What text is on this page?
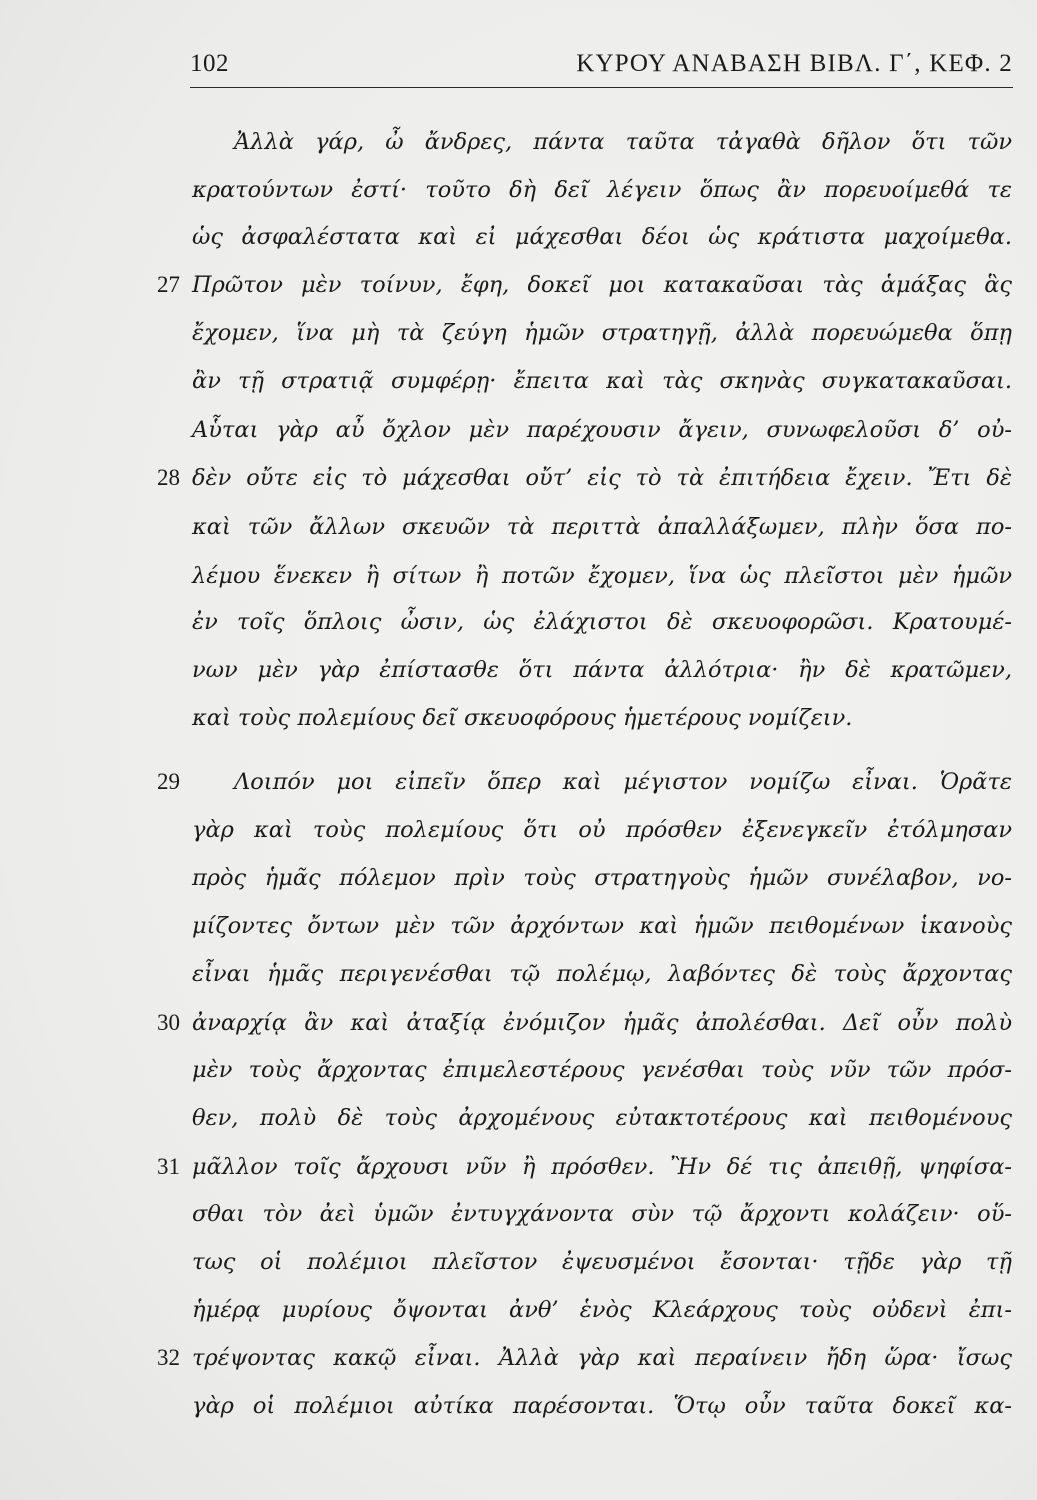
102	ΚΥΡΟΥ ΑΝΑΒΑΣΗ ΒΙΒΛ. Γ΄, ΚΕΦ. 2
Ἀλλὰ γάρ, ὦ ἄνδρες, πάντα ταῦτα τἀγαθὰ δῆλον ὅτι τῶν
κρατούντων ἐστί· τοῦτο δὴ δεῖ λέγειν ὅπως ἂν πορευοίμεθά τε
ὡς ἀσφαλέστατα καὶ εἰ μάχεσθαι δέοι ὡς κράτιστα μαχοίμεθα.
27 Πρῶτον μὲν τοίνυν, ἔφη, δοκεῖ μοι κατακαῦσαι τὰς ἁμάξας ἃς
ἔχομεν, ἵνα μὴ τὰ ζεύγη ἡμῶν στρατηγῇ, ἀλλὰ πορευώμεθα ὅπῃ
ἂν τῇ στρατιᾷ συμφέρῃ· ἔπειτα καὶ τὰς σκηνὰς συγκατακαῦσαι.
Αὗται γὰρ αὖ ὄχλον μὲν παρέχουσιν ἄγειν, συνωφελοῦσι δ’ οὐ-
28 δὲν οὔτε εἰς τὸ μάχεσθαι οὔτ’ εἰς τὸ τὰ ἐπιτήδεια ἔχειν. Ἔτι δὲ
καὶ τῶν ἄλλων σκευῶν τὰ περιττὰ ἀπαλλάξωμεν, πλὴν ὅσα πο-
λέμου ἕνεκεν ἢ σίτων ἢ ποτῶν ἔχομεν, ἵνα ὡς πλεῖστοι μὲν ἡμῶν
ἐν τοῖς ὅπλοις ὦσιν, ὡς ἐλάχιστοι δὲ σκευοφορῶσι. Κρατουμέ-
νων μὲν γὰρ ἐπίστασθε ὅτι πάντα ἀλλότρια· ἢν δὲ κρατῶμεν,
καὶ τοὺς πολεμίους δεῖ σκευοφόρους ἡμετέρους νομίζειν.
29	Λοιπόν μοι εἰπεῖν ὅπερ καὶ μέγιστον νομίζω εἶναι. Ὁρᾶτε
γὰρ καὶ τοὺς πολεμίους ὅτι οὐ πρόσθεν ἐξενεγκεῖν ἐτόλμησαν
πρὸς ἡμᾶς πόλεμον πρὶν τοὺς στρατηγοὺς ἡμῶν συνέλαβον, νο-
μίζοντες ὄντων μὲν τῶν ἀρχόντων καὶ ἡμῶν πειθομένων ἱκανοὺς
εἶναι ἡμᾶς περιγενέσθαι τῷ πολέμῳ, λαβόντες δὲ τοὺς ἄρχοντας
30 ἀναρχίᾳ ἂν καὶ ἀταξίᾳ ἐνόμιζον ἡμᾶς ἀπολέσθαι. Δεῖ οὖν πολὺ
μὲν τοὺς ἄρχοντας ἐπιμελεστέρους γενέσθαι τοὺς νῦν τῶν πρόσ-
θεν, πολὺ δὲ τοὺς ἀρχομένους εὐτακτοτέρους καὶ πειθομένους
31 μᾶλλον τοῖς ἄρχουσι νῦν ἢ πρόσθεν. Ἢν δέ τις ἀπειθῇ, ψηφίσα-
σθαι τὸν ἀεὶ ὑμῶν ἐντυγχάνοντα σὺν τῷ ἄρχοντι κολάζειν· οὕ-
τως οἱ πολέμιοι πλεῖστον ἐψευσμένοι ἔσονται· τῇδε γὰρ τῇ
ἡμέρᾳ μυρίους ὄψονται ἀνθ’ ἑνὸς Κλεάρχους τοὺς οὐδενὶ ἐπι-
32 τρέψοντας κακῷ εἶναι. Ἀλλὰ γὰρ καὶ περαίνειν ἤδη ὥρα· ἴσως
γὰρ οἱ πολέμιοι αὐτίκα παρέσονται. Ὅτῳ οὖν ταῦτα δοκεῖ κα-
